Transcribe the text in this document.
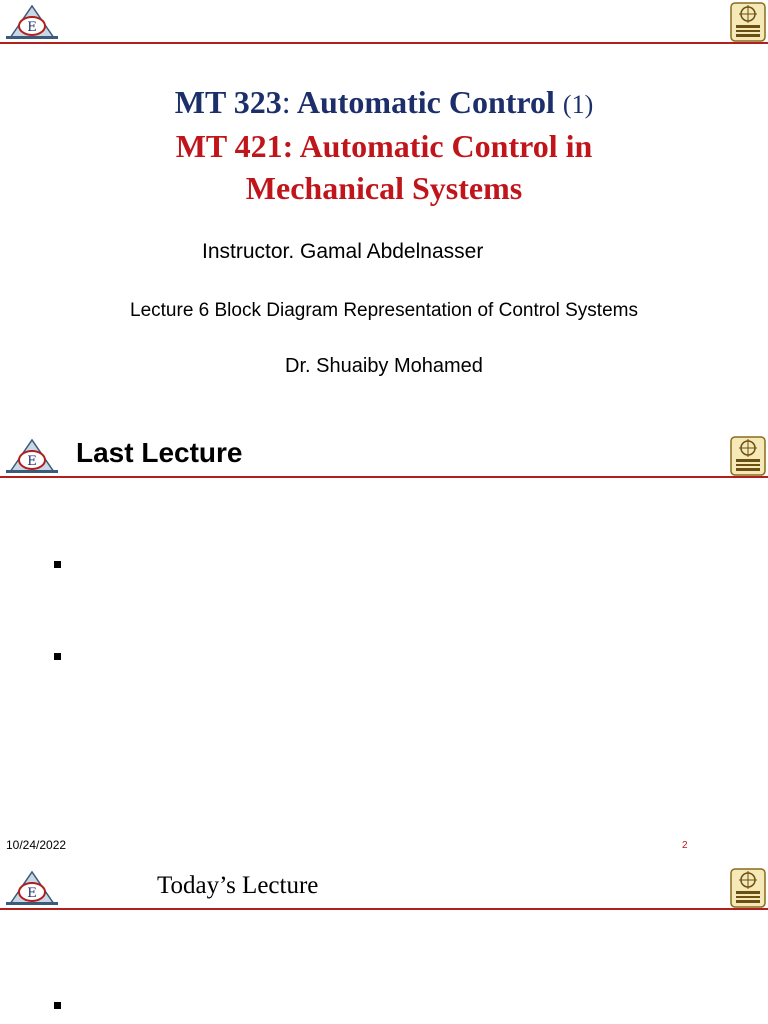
MT 323: Automatic Control (1)
MT 421: Automatic Control in
Mechanical Systems
Instructor. Gamal Abdelnasser
Lecture 6 Block Diagram Representation of Control Systems
Dr. Shuaiby Mohamed
Last Lecture
10/24/2022	2
Today’s Lecture
